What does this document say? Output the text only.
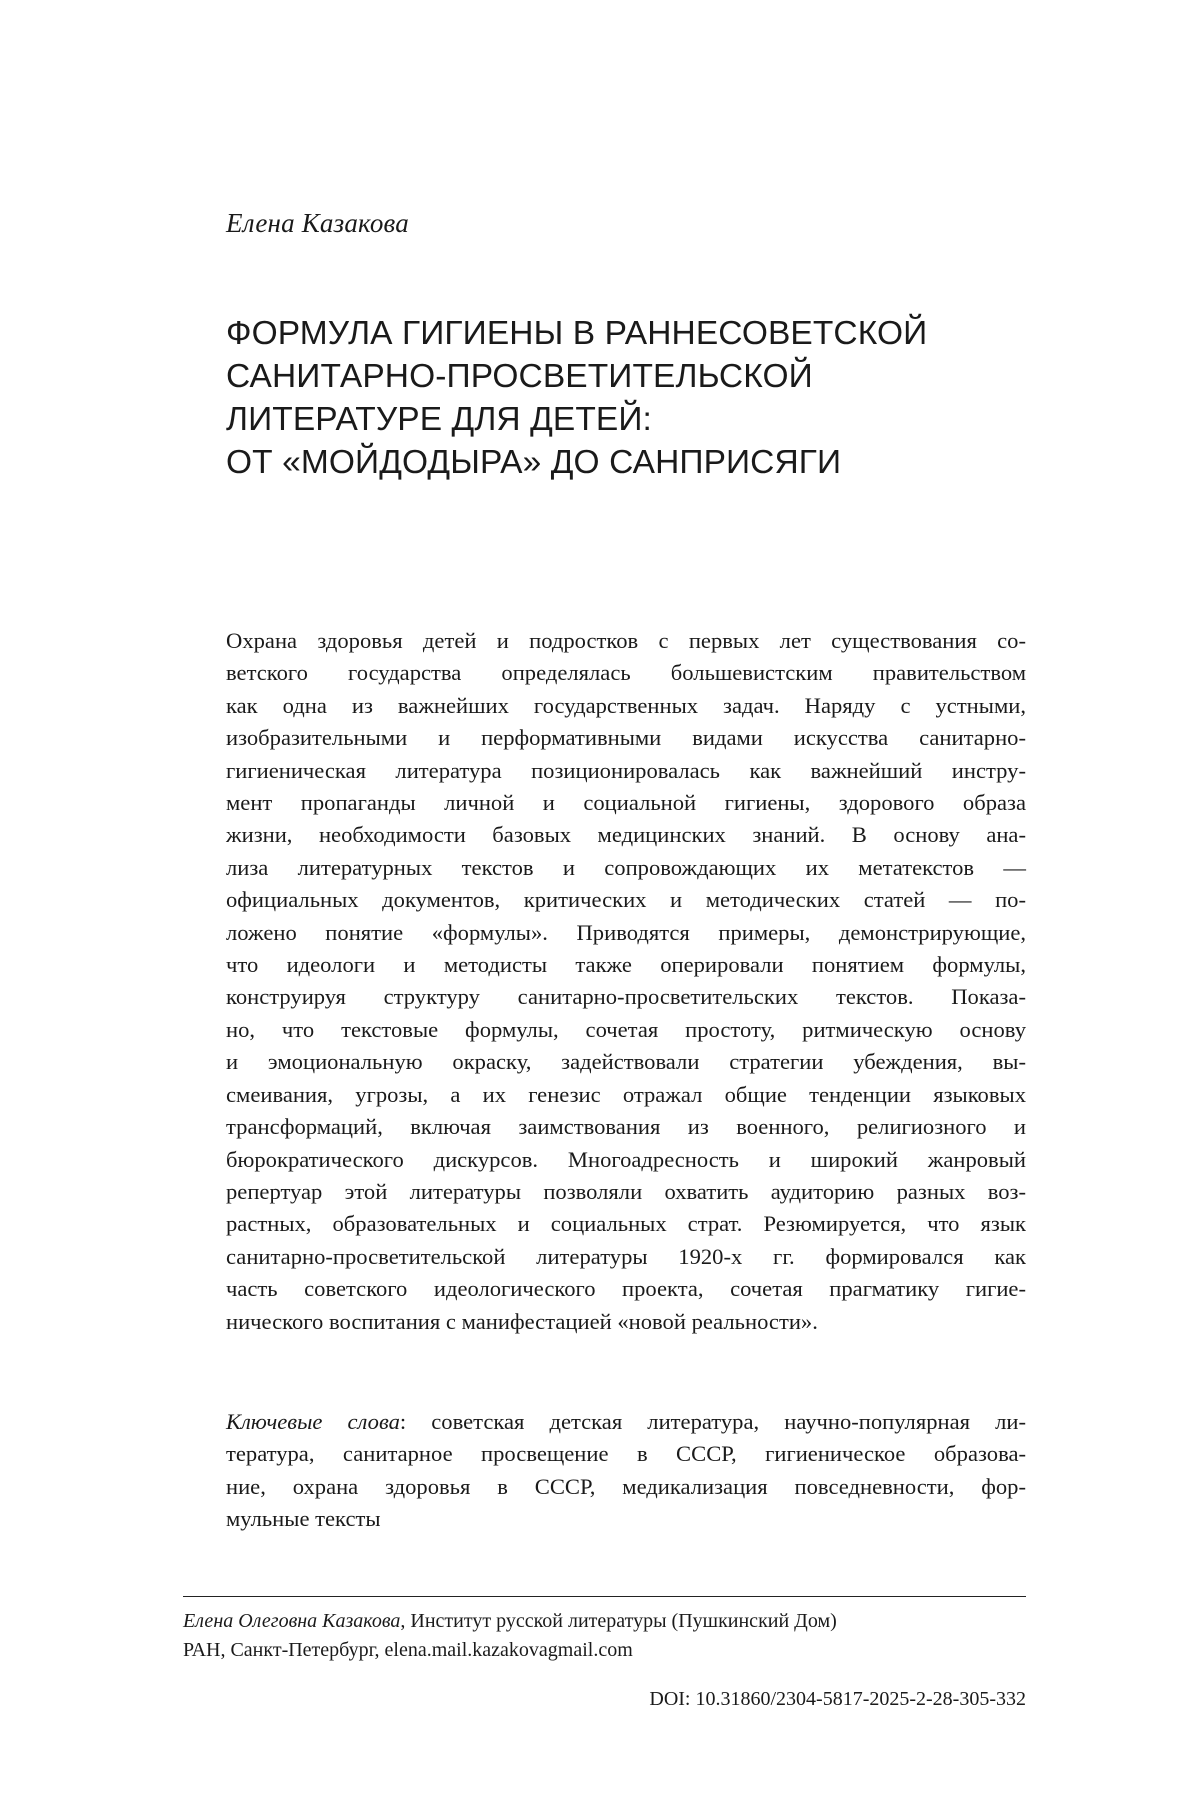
Елена Казакова
ФОРМУЛА ГИГИЕНЫ В РАННЕСОВЕТСКОЙ
САНИТАРНО-ПРОСВЕТИТЕЛЬСКОЙ
ЛИТЕРАТУРЕ ДЛЯ ДЕТЕЙ:
ОТ «МОЙДОДЫРА» ДО САНПРИСЯГИ
Охрана здоровья детей и подростков с первых лет существования со-
ветского государства определялась большевистским правительством
как одна из важнейших государственных задач. Наряду с устными,
изобразительными и перформативными видами искусства санитарно-
гигиеническая литература позиционировалась как важнейший инстру-
мент пропаганды личной и социальной гигиены, здорового образа
жизни, необходимости базовых медицинских знаний. В основу ана-
лиза литературных текстов и сопровождающих их метатекстов —
официальных документов, критических и методических статей — по-
ложено понятие «формулы». Приводятся примеры, демонстрирующие,
что идеологи и методисты также оперировали понятием формулы,
конструируя структуру санитарно-просветительских текстов. Показа-
но, что текстовые формулы, сочетая простоту, ритмическую основу
и эмоциональную окраску, задействовали стратегии убеждения, вы-
смеивания, угрозы, а их генезис отражал общие тенденции языковых
трансформаций, включая заимствования из военного, религиозного и
бюрократического дискурсов. Многоадресность и широкий жанровый
репертуар этой литературы позволяли охватить аудиторию разных воз-
растных, образовательных и социальных страт. Резюмируется, что язык
санитарно-просветительской литературы 1920-х гг. формировался как
часть советского идеологического проекта, сочетая прагматику гигие-
нического воспитания с манифестацией «новой реальности».
Ключевые слова: советская детская литература, научно-популярная ли-
тература, санитарное просвещение в СССР, гигиеническое образова-
ние, охрана здоровья в СССР, медикализация повседневности, фор-
мульные тексты
Елена Олеговна Казакова, Институт русской литературы (Пушкинский Дом)
РАН, Санкт-Петербург, elena.mail.kazakovagmail.com
DOI: 10.31860/2304-5817-2025-2-28-305-332
